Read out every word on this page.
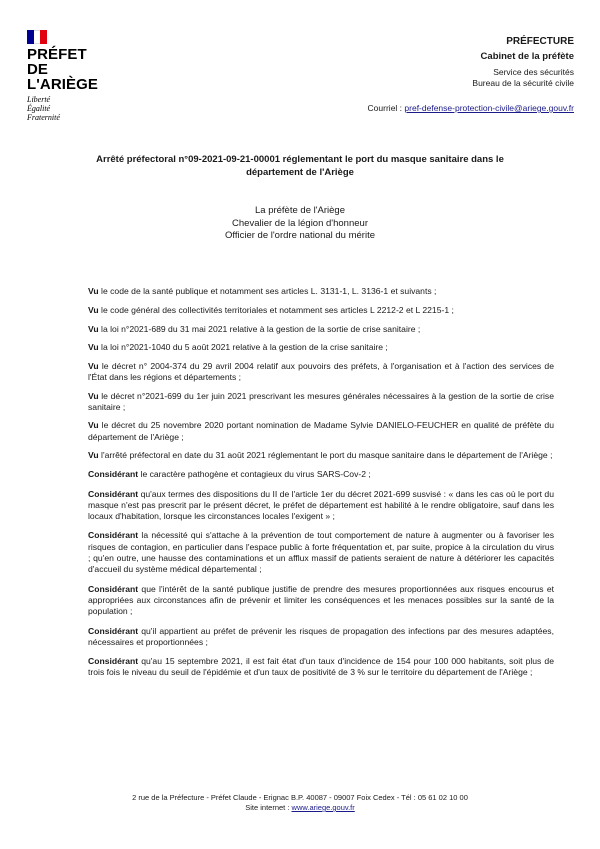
PRÉFET
DE L'ARIÈGE
Liberté
Égalité
Fraternité
PRÉFECTURE
Cabinet de la préfète
Service des sécurités
Bureau de la sécurité civile
Courriel : pref-defense-protection-civile@ariege.gouv.fr
Arrêté préfectoral n°09-2021-09-21-00001 réglementant le port du masque sanitaire dans le département de l'Ariège
La préfète de l'Ariège
Chevalier de la légion d'honneur
Officier de l'ordre national du mérite

Vu le code de la santé publique et notamment ses articles L. 3131-1, L. 3136-1 et suivants ;

Vu le code général des collectivités territoriales et notamment ses articles L 2212-2 et L 2215-1 ;

Vu la loi n°2021-689 du 31 mai 2021 relative à la gestion de la sortie de crise sanitaire ;

Vu la loi n°2021-1040 du 5 août 2021 relative à la gestion de la crise sanitaire ;

Vu le décret n° 2004-374 du 29 avril 2004 relatif aux pouvoirs des préfets, à l'organisation et à l'action des services de l'État dans les régions et départements ;

Vu le décret n°2021-699 du 1er juin 2021 prescrivant les mesures générales nécessaires à la gestion de la sortie de crise sanitaire ;

Vu le décret du 25 novembre 2020 portant nomination de Madame Sylvie DANIELO-FEUCHER en qualité de préfète du département de l'Ariège ;

Vu l'arrêté préfectoral en date du 31 août 2021 réglementant le port du masque sanitaire dans le département de l'Ariège ;

Considérant le caractère pathogène et contagieux du virus SARS-Cov-2 ;

Considérant qu'aux termes des dispositions du II de l'article 1er du décret 2021-699 susvisé : « dans les cas où le port du masque n'est pas prescrit par le présent décret, le préfet de département est habilité à le rendre obligatoire, sauf dans les locaux d'habitation, lorsque les circonstances locales l'exigent » ;

Considérant la nécessité qui s'attache à la prévention de tout comportement de nature à augmenter ou à favoriser les risques de contagion, en particulier dans l'espace public à forte fréquentation et, par suite, propice à la circulation du virus ; qu'en outre, une hausse des contaminations et un afflux massif de patients seraient de nature à détériorer les capacités d'accueil du système médical départemental ;

Considérant que l'intérêt de la santé publique justifie de prendre des mesures proportionnées aux risques encourus et appropriées aux circonstances afin de prévenir et limiter les conséquences et les menaces possibles sur la santé de la population ;

Considérant qu'il appartient au préfet de prévenir les risques de propagation des infections par des mesures adaptées, nécessaires et proportionnées ;

Considérant qu'au 15 septembre 2021, il est fait état d'un taux d'incidence de 154 pour 100 000 habitants, soit plus de trois fois le niveau du seuil de l'épidémie et d'un taux de positivité de 3 % sur le territoire du département de l'Ariège ;

2 rue de la Préfecture - Préfet Claude - Erignac B.P. 40087 - 09007 Foix Cedex - Tél : 05 61 02 10 00
Site internet : www.ariege.gouv.fr
